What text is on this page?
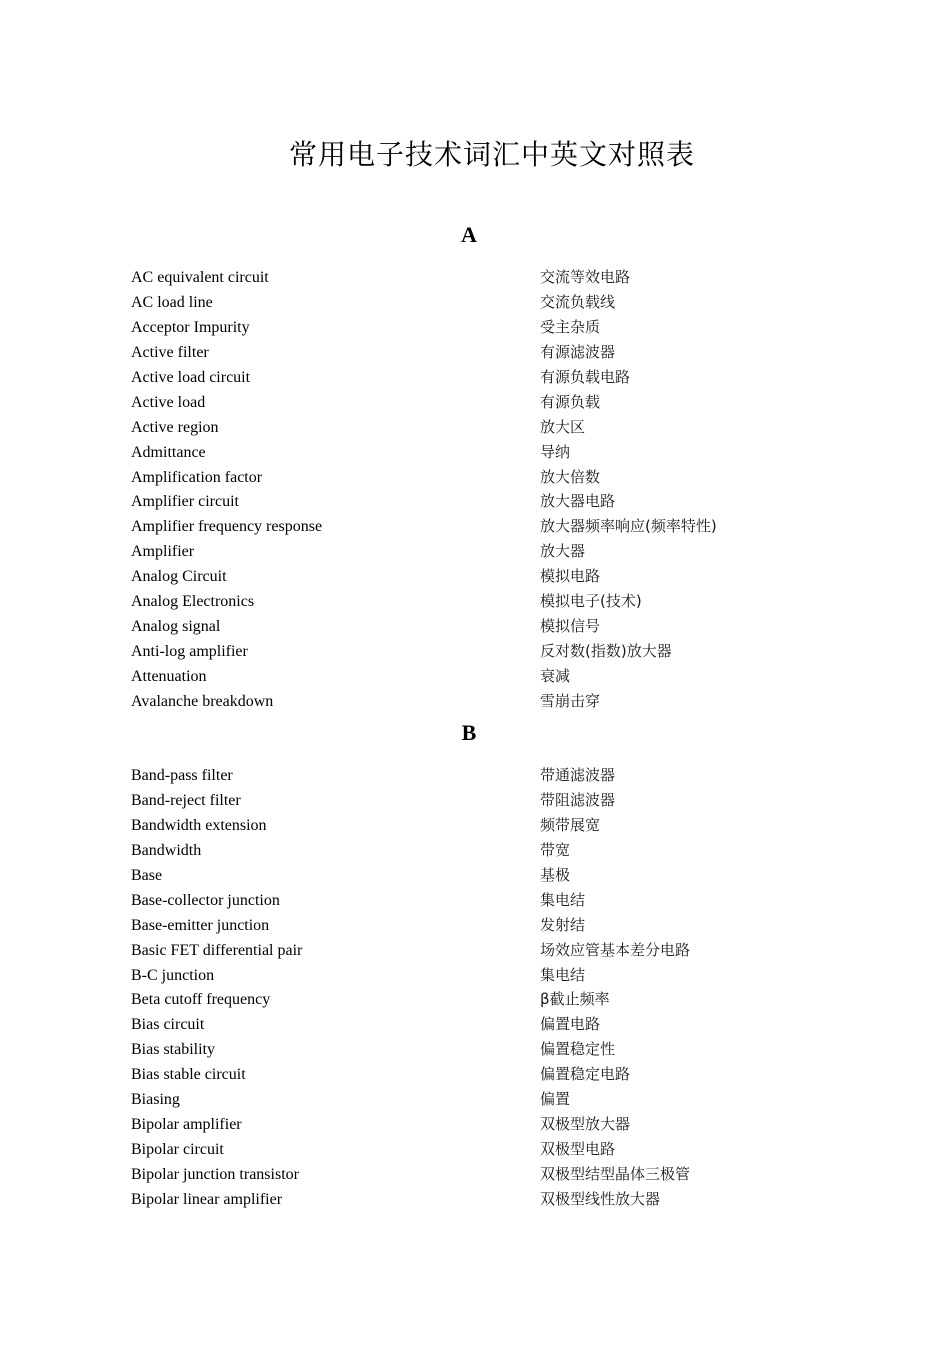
常用电子技术词汇中英文对照表
A
AC equivalent circuit	交流等效电路
AC load line	交流负载线
Acceptor Impurity	受主杂质
Active filter	有源滤波器
Active load circuit	有源负载电路
Active load	有源负载
Active region	放大区
Admittance	导纳
Amplification factor	放大倍数
Amplifier circuit	放大器电路
Amplifier frequency response	放大器频率响应(频率特性)
Amplifier	放大器
Analog Circuit	模拟电路
Analog Electronics	模拟电子(技术)
Analog signal	模拟信号
Anti-log amplifier	反对数(指数)放大器
Attenuation	衰减
Avalanche breakdown	雪崩击穿
B
Band-pass filter	带通滤波器
Band-reject filter	带阻滤波器
Bandwidth extension	频带展宽
Bandwidth	带宽
Base	基极
Base-collector junction	集电结
Base-emitter junction	发射结
Basic FET differential pair	场效应管基本差分电路
B-C junction	集电结
Beta cutoff frequency	β截止频率
Bias circuit	偏置电路
Bias stability	偏置稳定性
Bias stable circuit	偏置稳定电路
Biasing	偏置
Bipolar amplifier	双极型放大器
Bipolar circuit	双极型电路
Bipolar junction transistor	双极型结型晶体三极管
Bipolar linear amplifier	双极型线性放大器
